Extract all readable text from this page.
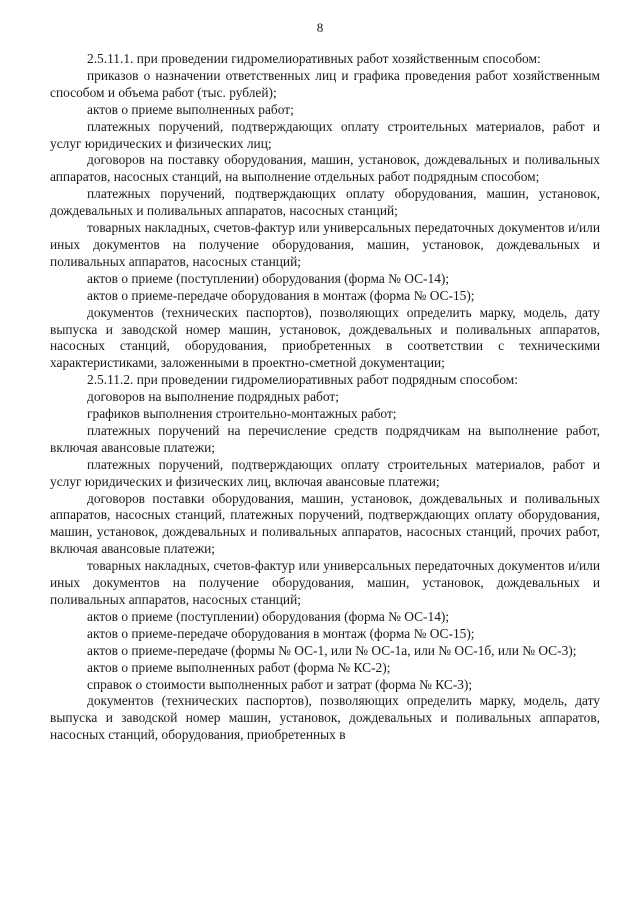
8

2.5.11.1. при проведении гидромелиоративных работ хозяйственным способом:

приказов о назначении ответственных лиц и графика проведения работ хозяйственным способом и объема работ (тыс. рублей);

актов о приеме выполненных работ;

платежных поручений, подтверждающих оплату строительных материалов, работ и услуг юридических и физических лиц;

договоров на поставку оборудования, машин, установок, дождевальных и поливальных аппаратов, насосных станций, на выполнение отдельных работ подрядным способом;

платежных поручений, подтверждающих оплату оборудования, машин, установок, дождевальных и поливальных аппаратов, насосных станций;

товарных накладных, счетов-фактур или универсальных передаточных документов и/или иных документов на получение оборудования, машин, установок, дождевальных и поливальных аппаратов, насосных станций;

актов о приеме (поступлении) оборудования (форма № ОС-14);

актов о приеме-передаче оборудования в монтаж (форма № ОС-15);

документов (технических паспортов), позволяющих определить марку, модель, дату выпуска и заводской номер машин, установок, дождевальных и поливальных аппаратов, насосных станций, оборудования, приобретенных в соответствии с техническими характеристиками, заложенными в проектно-сметной документации;

2.5.11.2. при проведении гидромелиоративных работ подрядным способом:

договоров на выполнение подрядных работ;

графиков выполнения строительно-монтажных работ;

платежных поручений на перечисление средств подрядчикам на выполнение работ, включая авансовые платежи;

платежных поручений, подтверждающих оплату строительных материалов, работ и услуг юридических и физических лиц, включая авансовые платежи;

договоров поставки оборудования, машин, установок, дождевальных и поливальных аппаратов, насосных станций, платежных поручений, подтверждающих оплату оборудования, машин, установок, дождевальных и поливальных аппаратов, насосных станций, прочих работ, включая авансовые платежи;

товарных накладных, счетов-фактур или универсальных передаточных документов и/или иных документов на получение оборудования, машин, установок, дождевальных и поливальных аппаратов, насосных станций;

актов о приеме (поступлении) оборудования (форма № ОС-14);

актов о приеме-передаче оборудования в монтаж (форма № ОС-15);

актов о приеме-передаче (формы № ОС-1, или № ОС-1а, или № ОС-1б, или № ОС-3);

актов о приеме выполненных работ (форма № КС-2);

справок о стоимости выполненных работ и затрат (форма № КС-3);

документов (технических паспортов), позволяющих определить марку, модель, дату выпуска и заводской номер машин, установок, дождевальных и поливальных аппаратов, насосных станций, оборудования, приобретенных в
